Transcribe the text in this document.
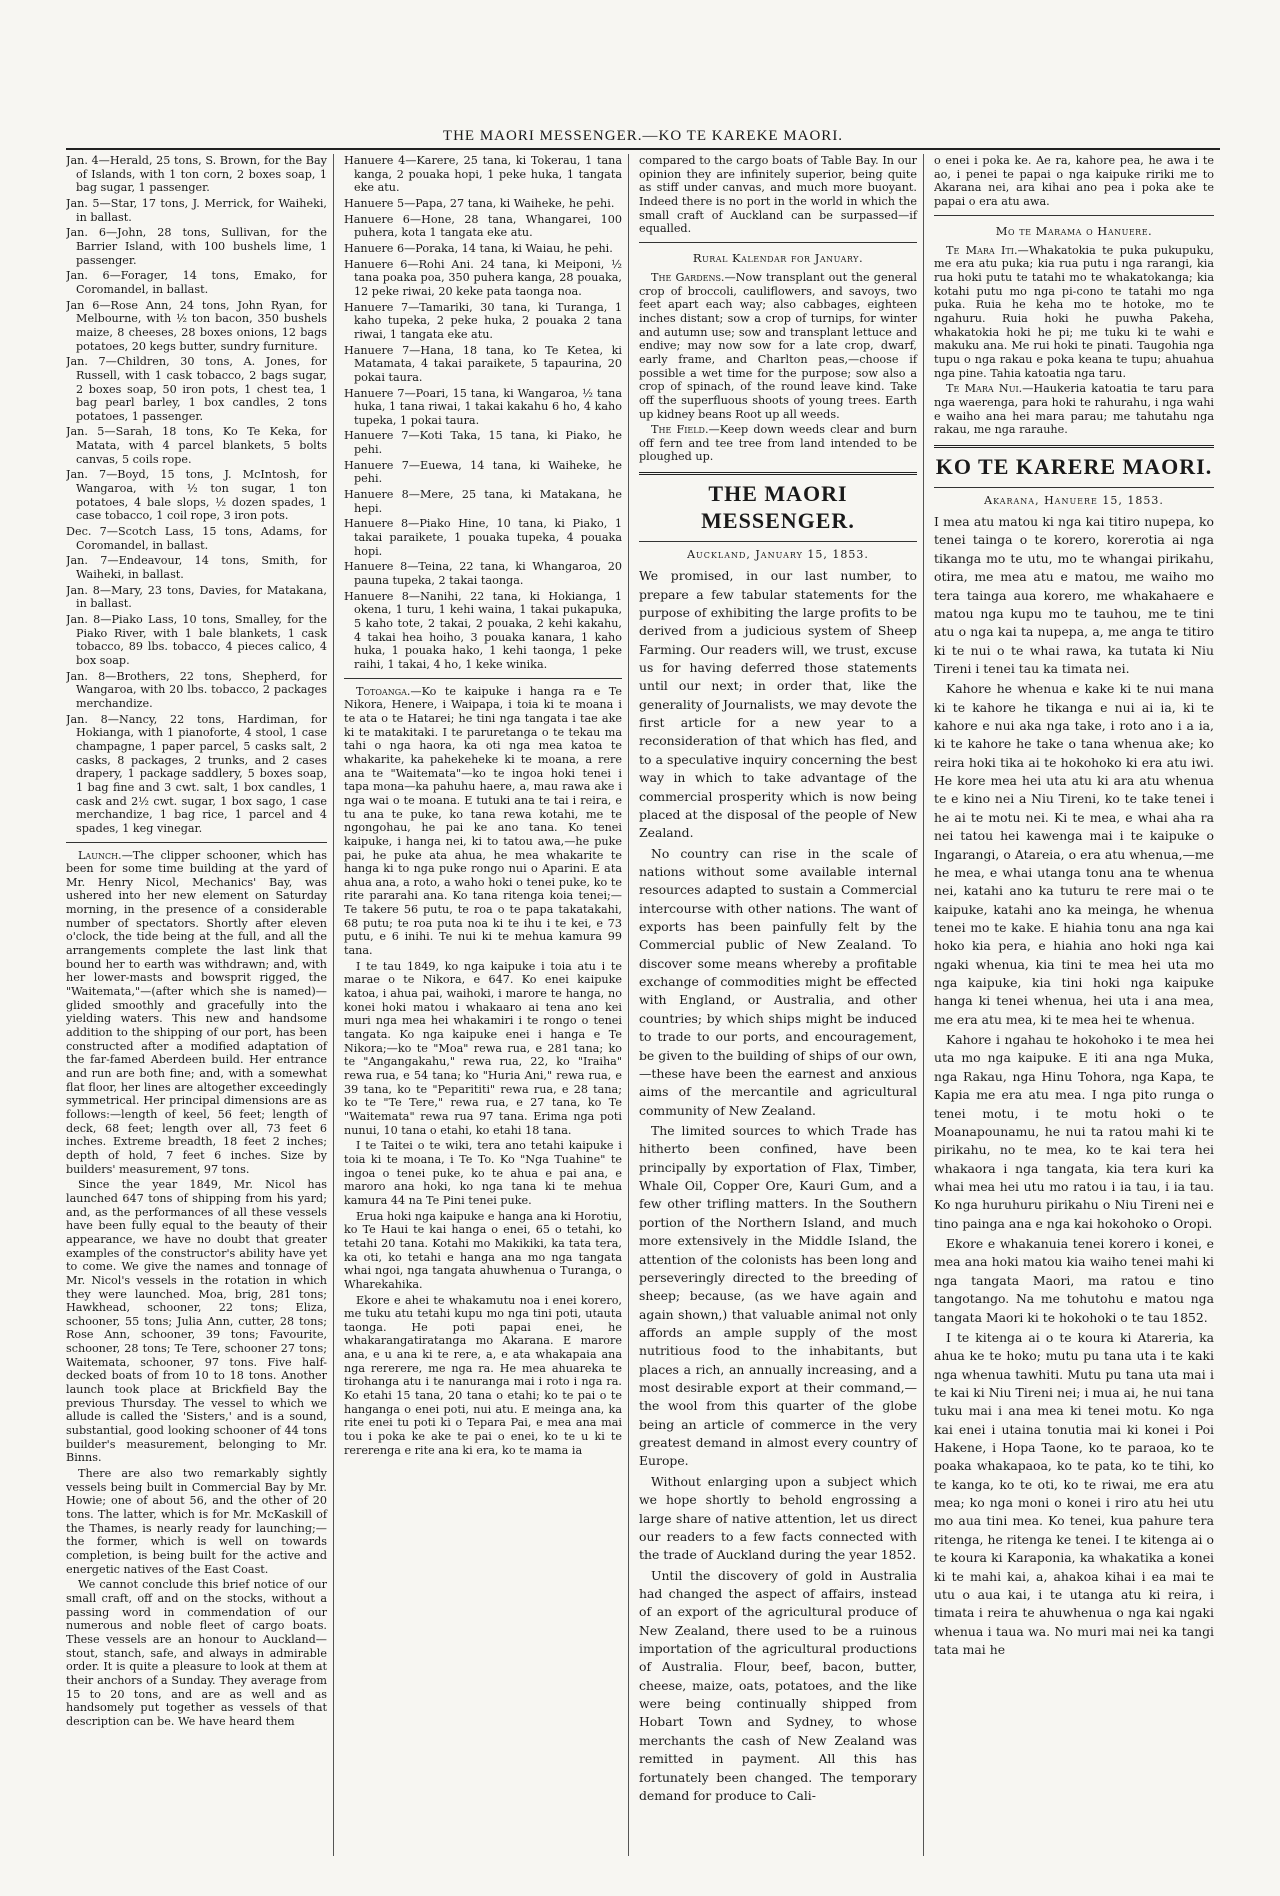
THE MAORI MESSENGER.—KO TE KAREKE MAORI.

Jan. 4—Herald, 25 tons, S. Brown, for the Bay of Islands, with 1 ton corn, 2 boxes soap, 1 bag sugar, 1 passenger.

Jan. 5—Star, 17 tons, J. Merrick, for Waiheki, in ballast.

Jan. 6—John, 28 tons, Sullivan, for the Barrier Island, with 100 bushels lime, 1 passenger.

Jan. 6—Forager, 14 tons, Emako, for Coromandel, in ballast.

Jan 6—Rose Ann, 24 tons, John Ryan, for Melbourne, with ½ ton bacon, 350 bushels maize, 8 cheeses, 28 boxes onions, 12 bags potatoes, 20 kegs butter, sundry furniture.

Jan. 7—Children, 30 tons, A. Jones, for Russell, with 1 cask tobacco, 2 bags sugar, 2 boxes soap, 50 iron pots, 1 chest tea, 1 bag pearl barley, 1 box candles, 2 tons potatoes, 1 passenger.

Jan. 5—Sarah, 18 tons, Ko Te Keka, for Matata, with 4 parcel blankets, 5 bolts canvas, 5 coils rope.

Jan. 7—Boyd, 15 tons, J. McIntosh, for Wangaroa, with ½ ton sugar, 1 ton potatoes, 4 bale slops, ½ dozen spades, 1 case tobacco, 1 coil rope, 3 iron pots.

Dec. 7—Scotch Lass, 15 tons, Adams, for Coromandel, in ballast.

Jan. 7—Endeavour, 14 tons, Smith, for Waiheki, in ballast.

Jan. 8—Mary, 23 tons, Davies, for Matakana, in ballast.

Jan. 8—Piako Lass, 10 tons, Smalley, for the Piako River, with 1 bale blankets, 1 cask tobacco, 89 lbs. tobacco, 4 pieces calico, 4 box soap.

Jan. 8—Brothers, 22 tons, Shepherd, for Wangaroa, with 20 lbs. tobacco, 2 packages merchandize.

Jan. 8—Nancy, 22 tons, Hardiman, for Hokianga, with 1 pianoforte, 4 stool, 1 case champagne, 1 paper parcel, 5 casks salt, 2 casks, 8 packages, 2 trunks, and 2 cases drapery, 1 package saddlery, 5 boxes soap, 1 bag fine and 3 cwt. salt, 1 box candles, 1 cask and 2½ cwt. sugar, 1 box sago, 1 case merchandize, 1 bag rice, 1 parcel and 4 spades, 1 keg vinegar.

Launch.—The clipper schooner, which has been for some time building at the yard of Mr. Henry Nicol, Mechanics' Bay, was ushered into her new element on Saturday morning, in the presence of a considerable number of spectators. Shortly after eleven o'clock, the tide being at the full, and all the arrangements complete the last link that bound her to earth was withdrawn; and, with her lower-masts and bowsprit rigged, the "Waitemata,"—(after which she is named)—glided smoothly and gracefully into the yielding waters. This new and handsome addition to the shipping of our port, has been constructed after a modified adaptation of the far-famed Aberdeen build. Her entrance and run are both fine; and, with a somewhat flat floor, her lines are altogether exceedingly symmetrical. Her principal dimensions are as follows:—length of keel, 56 feet; length of deck, 68 feet; length over all, 73 feet 6 inches. Extreme breadth, 18 feet 2 inches; depth of hold, 7 feet 6 inches. Size by builders' measurement, 97 tons.

Since the year 1849, Mr. Nicol has launched 647 tons of shipping from his yard; and, as the performances of all these vessels have been fully equal to the beauty of their appearance, we have no doubt that greater examples of the constructor's ability have yet to come. We give the names and tonnage of Mr. Nicol's vessels in the rotation in which they were launched. Moa, brig, 281 tons; Hawkhead, schooner, 22 tons; Eliza, schooner, 55 tons; Julia Ann, cutter, 28 tons; Rose Ann, schooner, 39 tons; Favourite, schooner, 28 tons; Te Tere, schooner 27 tons; Waitemata, schooner, 97 tons. Five half-decked boats of from 10 to 18 tons. Another launch took place at Brickfield Bay the previous Thursday. The vessel to which we allude is called the 'Sisters,' and is a sound, substantial, good looking schooner of 44 tons builder's measurement, belonging to Mr. Binns.

There are also two remarkably sightly vessels being built in Commercial Bay by Mr. Howie; one of about 56, and the other of 20 tons. The latter, which is for Mr. McKaskill of the Thames, is nearly ready for launching;—the former, which is well on towards completion, is being built for the active and energetic natives of the East Coast.

We cannot conclude this brief notice of our small craft, off and on the stocks, without a passing word in commendation of our numerous and noble fleet of cargo boats. These vessels are an honour to Auckland—stout, stanch, safe, and always in admirable order. It is quite a pleasure to look at them at their anchors of a Sunday. They average from 15 to 20 tons, and are as well and as handsomely put together as vessels of that description can be. We have heard them

Hanuere 4—Karere, 25 tana, ki Tokerau, 1 tana kanga, 2 pouaka hopi, 1 peke huka, 1 tangata eke atu.

Hanuere 5—Papa, 27 tana, ki Waiheke, he pehi.

Hanuere 6—Hone, 28 tana, Whangarei, 100 puhera, kota 1 tangata eke atu.

Hanuere 6—Poraka, 14 tana, ki Waiau, he pehi.

Hanuere 6—Rohi Ani. 24 tana, ki Meiponi, ½ tana poaka poa, 350 puhera kanga, 28 pouaka, 12 peke riwai, 20 keke pata taonga noa.

Hanuere 7—Tamariki, 30 tana, ki Turanga, 1 kaho tupeka, 2 peke huka, 2 pouaka 2 tana riwai, 1 tangata eke atu.

Hanuere 7—Hana, 18 tana, ko Te Ketea, ki Matamata, 4 takai paraikete, 5 tapaurina, 20 pokai taura.

Hanuere 7—Poari, 15 tana, ki Wangaroa, ½ tana huka, 1 tana riwai, 1 takai kakahu 6 ho, 4 kaho tupeka, 1 pokai taura.

Hanuere 7—Koti Taka, 15 tana, ki Piako, he pehi.

Hanuere 7—Euewa, 14 tana, ki Waiheke, he pehi.

Hanuere 8—Mere, 25 tana, ki Matakana, he hepi.

Hanuere 8—Piako Hine, 10 tana, ki Piako, 1 takai paraikete, 1 pouaka tupeka, 4 pouaka hopi.

Hanuere 8—Teina, 22 tana, ki Whangaroa, 20 pauna tupeka, 2 takai taonga.

Hanuere 8—Nanihi, 22 tana, ki Hokianga, 1 okena, 1 turu, 1 kehi waina, 1 takai pukapuka, 5 kaho tote, 2 takai, 2 pouaka, 2 kehi kakahu, 4 takai hea hoiho, 3 pouaka kanara, 1 kaho huka, 1 pouaka hako, 1 kehi taonga, 1 peke raihi, 1 takai, 4 ho, 1 keke winika.

Totoanga.—Ko te kaipuke i hanga ra e Te Nikora, Henere, i Waipapa, i toia ki te moana i te ata o te Hatarei; he tini nga tangata i tae ake ki te matakitaki. I te paruretanga o te tekau ma tahi o nga haora, ka oti nga mea katoa te whakarite, ka pahekeheke ki te moana, a rere ana te "Waitemata"—ko te ingoa hoki tenei i tapa mona—ka pahuhu haere, a, mau rawa ake i nga wai o te moana. E tutuki ana te tai i reira, e tu ana te puke, ko tana rewa kotahi, me te ngongohau, he pai ke ano tana. Ko tenei kaipuke, i hanga nei, ki to tatou awa,—he puke pai, he puke ata ahua, he mea whakarite te hanga ki to nga puke rongo nui o Aparini. E ata ahua ana, a roto, a waho hoki o tenei puke, ko te rite pararahi ana. Ko tana ritenga koia tenei;—Te takere 56 putu, te roa o te papa takatakahi, 68 putu; te roa puta noa ki te ihu i te kei, e 73 putu, e 6 inihi. Te nui ki te mehua kamura 99 tana.

I te tau 1849, ko nga kaipuke i toia atu i te marae o te Nikora, e 647. Ko enei kaipuke katoa, i ahua pai, waihoki, i marore te hanga, no konei hoki matou i whakaaro ai tena ano kei muri nga mea hei whakamiri i te rongo o tenei tangata. Ko nga kaipuke enei i hanga e Te Nikora;—ko te "Moa" rewa rua, e 281 tana; ko te "Angangakahu," rewa rua, 22, ko "Iraiha" rewa rua, e 54 tana; ko "Huria Ani," rewa rua, e 39 tana, ko te "Peparititi" rewa rua, e 28 tana; ko te "Te Tere," rewa rua, e 27 tana, ko Te "Waitemata" rewa rua 97 tana. Erima nga poti nunui, 10 tana o etahi, ko etahi 18 tana.

I te Taitei o te wiki, tera ano tetahi kaipuke i toia ki te moana, i Te To. Ko "Nga Tuahine" te ingoa o tenei puke, ko te ahua e pai ana, e maroro ana hoki, ko nga tana ki te mehua kamura 44 na Te Pini tenei puke.

Erua hoki nga kaipuke e hanga ana ki Horotiu, ko Te Haui te kai hanga o enei, 65 o tetahi, ko tetahi 20 tana. Kotahi mo Makikiki, ka tata tera, ka oti, ko tetahi e hanga ana mo nga tangata whai ngoi, nga tangata ahuwhenua o Turanga, o Wharekahika.

Ekore e ahei te whakamutu noa i enei korero, me tuku atu tetahi kupu mo nga tini poti, utauta taonga. He poti papai enei, he whakarangatiratanga mo Akarana. E marore ana, e u ana ki te rere, a, e ata whakapaia ana nga rererere, me nga ra. He mea ahuareka te tirohanga atu i te nanuranga mai i roto i nga ra. Ko etahi 15 tana, 20 tana o etahi; ko te pai o te hanganga o enei poti, nui atu. E meinga ana, ka rite enei tu poti ki o Tepara Pai, e mea ana mai tou i poka ke ake te pai o enei, ko te u ki te rererenga e rite ana ki era, ko te mama ia

compared to the cargo boats of Table Bay. In our opinion they are infinitely superior, being quite as stiff under canvas, and much more buoyant. Indeed there is no port in the world in which the small craft of Auckland can be surpassed—if equalled.

Rural Kalendar for January.

The Gardens.—Now transplant out the general crop of broccoli, cauliflowers, and savoys, two feet apart each way; also cabbages, eighteen inches distant; sow a crop of turnips, for winter and autumn use; sow and transplant lettuce and endive; may now sow for a late crop, dwarf, early frame, and Charlton peas,—choose if possible a wet time for the purpose; sow also a crop of spinach, of the round leave kind. Take off the superfluous shoots of young trees. Earth up kidney beans Root up all weeds.

The Field.—Keep down weeds clear and burn off fern and tee tree from land intended to be ploughed up.

THE MAORI MESSENGER.
Auckland, January 15, 1853.

We promised, in our last number, to prepare a few tabular statements for the purpose of exhibiting the large profits to be derived from a judicious system of Sheep Farming. Our readers will, we trust, excuse us for having deferred those statements until our next; in order that, like the generality of Journalists, we may devote the first article for a new year to a reconsideration of that which has fled, and to a speculative inquiry concerning the best way in which to take advantage of the commercial prosperity which is now being placed at the disposal of the people of New Zealand.

No country can rise in the scale of nations without some available internal resources adapted to sustain a Commercial intercourse with other nations. The want of exports has been painfully felt by the Commercial public of New Zealand. To discover some means whereby a profitable exchange of commodities might be effected with England, or Australia, and other countries; by which ships might be induced to trade to our ports, and encouragement, be given to the building of ships of our own,—these have been the earnest and anxious aims of the mercantile and agricultural community of New Zealand.

The limited sources to which Trade has hitherto been confined, have been principally by exportation of Flax, Timber, Whale Oil, Copper Ore, Kauri Gum, and a few other trifling matters. In the Southern portion of the Northern Island, and much more extensively in the Middle Island, the attention of the colonists has been long and perseveringly directed to the breeding of sheep; because, (as we have again and again shown,) that valuable animal not only affords an ample supply of the most nutritious food to the inhabitants, but places a rich, an annually increasing, and a most desirable export at their command,—the wool from this quarter of the globe being an article of commerce in the very greatest demand in almost every country of Europe.

Without enlarging upon a subject which we hope shortly to behold engrossing a large share of native attention, let us direct our readers to a few facts connected with the trade of Auckland during the year 1852.

Until the discovery of gold in Australia had changed the aspect of affairs, instead of an export of the agricultural produce of New Zealand, there used to be a ruinous importation of the agricultural productions of Australia. Flour, beef, bacon, butter, cheese, maize, oats, potatoes, and the like were being continually shipped from Hobart Town and Sydney, to whose merchants the cash of New Zealand was remitted in payment. All this has fortunately been changed. The temporary demand for produce to Cali-

o enei i poka ke. Ae ra, kahore pea, he awa i te ao, i penei te papai o nga kaipuke ririki me to Akarana nei, ara kihai ano pea i poka ake te papai o era atu awa.

Mo te Marama o Hanuere.

Te Mara Iti.—Whakatokia te puka pukupuku, me era atu puka; kia rua putu i nga rarangi, kia rua hoki putu te tatahi mo te whakatokanga; kia kotahi putu mo nga pi-cono te tatahi mo nga puka. Ruia he keha mo te hotoke, mo te ngahuru. Ruia hoki he puwha Pakeha, whakatokia hoki he pi; me tuku ki te wahi e makuku ana. Me rui hoki te pinati. Taugohia nga tupu o nga rakau e poka keana te tupu; ahuahua nga pine. Tahia katoatia nga taru.

Te Mara Nui.—Haukeria katoatia te taru para nga waerenga, para hoki te rahurahu, i nga wahi e waiho ana hei mara parau; me tahutahu nga rakau, me nga rarauhe.

KO TE KARERE MAORI.
Akarana, Hanuere 15, 1853.

I mea atu matou ki nga kai titiro nupepa, ko tenei tainga o te korero, korerotia ai nga tikanga mo te utu, mo te whangai pirikahu, otira, me mea atu e matou, me waiho mo tera tainga aua korero, me whakahaere e matou nga kupu mo te tauhou, me te tini atu o nga kai ta nupepa, a, me anga te titiro ki te nui o te whai rawa, ka tutata ki Niu Tireni i tenei tau ka timata nei.

Kahore he whenua e kake ki te nui mana ki te kahore he tikanga e nui ai ia, ki te kahore e nui aka nga take, i roto ano i a ia, ki te kahore he take o tana whenua ake; ko reira hoki tika ai te hokohoko ki era atu iwi. He kore mea hei uta atu ki ara atu whenua te e kino nei a Niu Tireni, ko te take tenei i he ai te motu nei. Ki te mea, e whai aha ra nei tatou hei kawenga mai i te kaipuke o Ingarangi, o Atareia, o era atu whenua,—me he mea, e whai utanga tonu ana te whenua nei, katahi ano ka tuturu te rere mai o te kaipuke, katahi ano ka meinga, he whenua tenei mo te kake. E hiahia tonu ana nga kai hoko kia pera, e hiahia ano hoki nga kai ngaki whenua, kia tini te mea hei uta mo nga kaipuke, kia tini hoki nga kaipuke hanga ki tenei whenua, hei uta i ana mea, me era atu mea, ki te mea hei te whenua.

Kahore i ngahau te hokohoko i te mea hei uta mo nga kaipuke. E iti ana nga Muka, nga Rakau, nga Hinu Tohora, nga Kapa, te Kapia me era atu mea. I nga pito runga o tenei motu, i te motu hoki o te Moanapounamu, he nui ta ratou mahi ki te pirikahu, no te mea, ko te kai tera hei whakaora i nga tangata, kia tera kuri ka whai mea hei utu mo ratou i ia tau, i ia tau. Ko nga huruhuru pirikahu o Niu Tireni nei e tino painga ana e nga kai hokohoko o Oropi.

Ekore e whakanuia tenei korero i konei, e mea ana hoki matou kia waiho tenei mahi ki nga tangata Maori, ma ratou e tino tangotango. Na me tohutohu e matou nga tangata Maori ki te hokohoki o te tau 1852.

I te kitenga ai o te koura ki Atareria, ka ahua ke te hoko; mutu pu tana uta i te kaki nga whenua tawhiti. Mutu pu tana uta mai i te kai ki Niu Tireni nei; i mua ai, he nui tana tuku mai i ana mea ki tenei motu. Ko nga kai enei i utaina tonutia mai ki konei i Poi Hakene, i Hopa Taone, ko te paraoa, ko te poaka whakapaoa, ko te pata, ko te tihi, ko te kanga, ko te oti, ko te riwai, me era atu mea; ko nga moni o konei i riro atu hei utu mo aua tini mea. Ko tenei, kua pahure tera ritenga, he ritenga ke tenei. I te kitenga ai o te koura ki Karaponia, ka whakatika a konei ki te mahi kai, a, ahakoa kihai i ea mai te utu o aua kai, i te utanga atu ki reira, i timata i reira te ahuwhenua o nga kai ngaki whenua i taua wa. No muri mai nei ka tangi tata mai he
